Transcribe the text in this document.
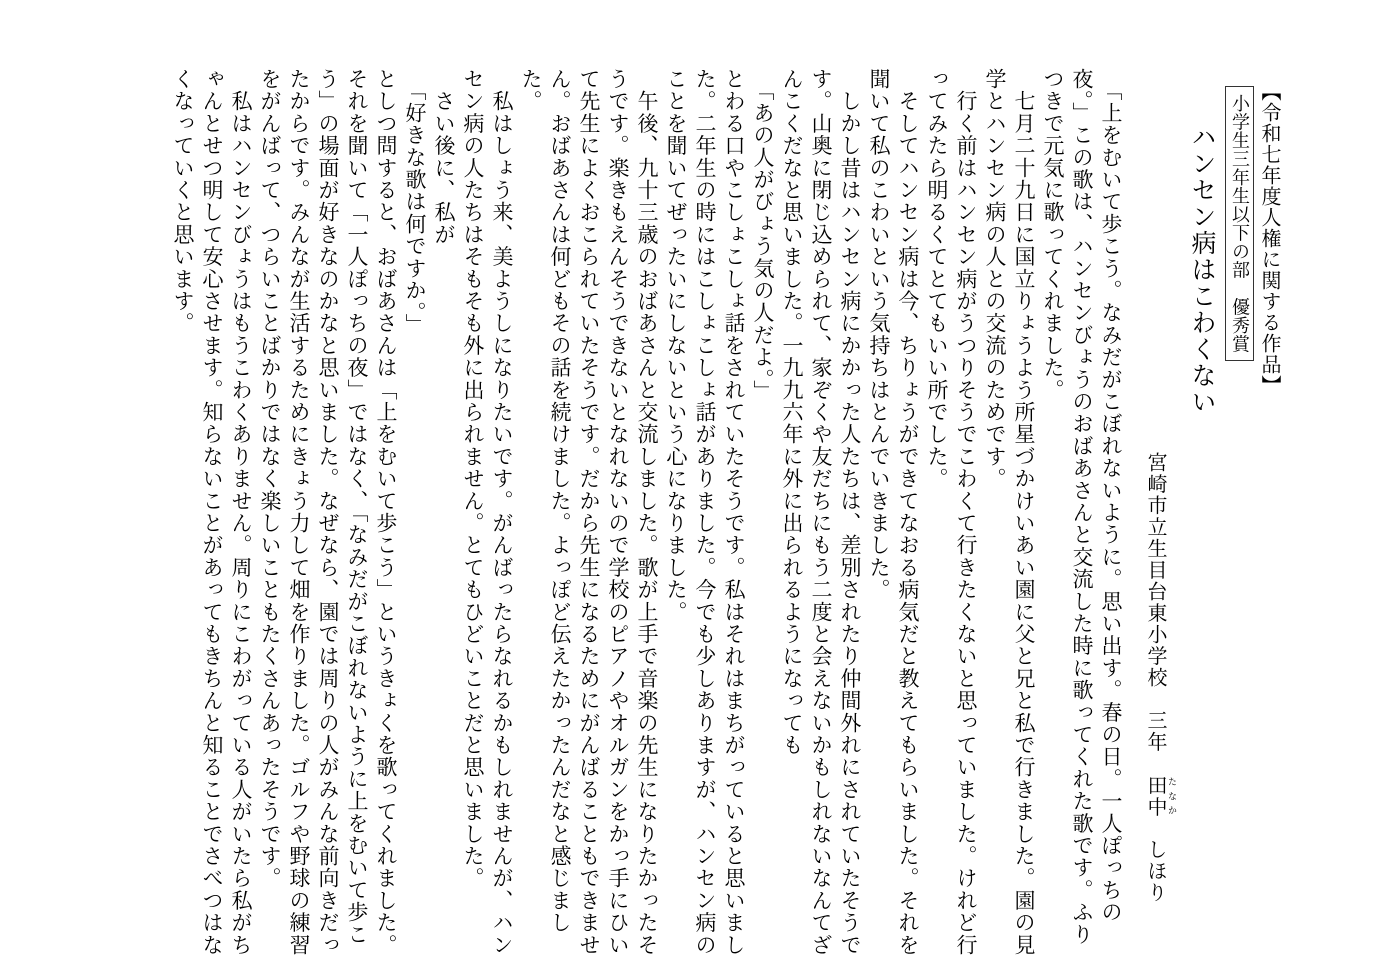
【令和七年度人権に関する作品】
小学生三年生以下の部　優秀賞
ハンセン病はこわくない
宮崎市立生目台東小学校　三年　田中たなか　しほり

　「上をむいて歩こう。なみだがこぼれないように。思い出す。春の日。一人ぽっちの夜。」この歌は、ハンセンびょうのおばあさんと交流した時に歌ってくれた歌です。ふりつきで元気に歌ってくれました。

　七月二十九日に国立りょうよう所星づかけいあい園に父と兄と私で行きました。園の見学とハンセン病の人との交流のためです。

　行く前はハンセン病がうつりそうでこわくて行きたくないと思っていました。けれど行ってみたら明るくてとてもいい所でした。

　そしてハンセン病は今、ちりょうができてなおる病気だと教えてもらいました。それを聞いて私のこわいという気持ちはとんでいきました。

　しかし昔はハンセン病にかかった人たちは、差別されたり仲間外れにされていたそうです。山奥に閉じ込められて、家ぞくや友だちにもう二度と会えないかもしれないなんてざんこくだなと思いました。一九九六年に外に出られるようになっても

　「あの人がびょう気の人だよ。」

とわる口やこしょこしょ話をされていたそうです。私はそれはまちがっていると思いました。二年生の時にはこしょこしょ話がありました。今でも少しありますが、ハンセン病のことを聞いてぜったいにしないという心になりました。

　午後、九十三歳のおばあさんと交流しました。歌が上手で音楽の先生になりたかったそうです。楽きもえんそうできないとなれないので学校のピアノやオルガンをかっ手にひいて先生によくおこられていたそうです。だから先生になるためにがんばることもできません。おばあさんは何どもその話を続けました。よっぽど伝えたかったんだなと感じました。

　私はしょう来、美ようしになりたいです。がんばったらなれるかもしれませんが、ハンセン病の人たちはそもそも外に出られません。とてもひどいことだと思いました。

　さい後に、私が

　「好きな歌は何ですか。」

としつ問すると、おばあさんは「上をむいて歩こう」というきょくを歌ってくれました。それを聞いて「一人ぽっちの夜」ではなく、「なみだがこぼれないように上をむいて歩こう」の場面が好きなのかなと思いました。なぜなら、園では周りの人がみんな前向きだったからです。みんなが生活するためにきょう力して畑を作りました。ゴルフや野球の練習をがんばって、つらいことばかりではなく楽しいこともたくさんあったそうです。

　私はハンセンびょうはもうこわくありません。周りにこわがっている人がいたら私がちゃんとせつ明して安心させます。知らないことがあってもきちんと知ることでさべつはなくなっていくと思います。
